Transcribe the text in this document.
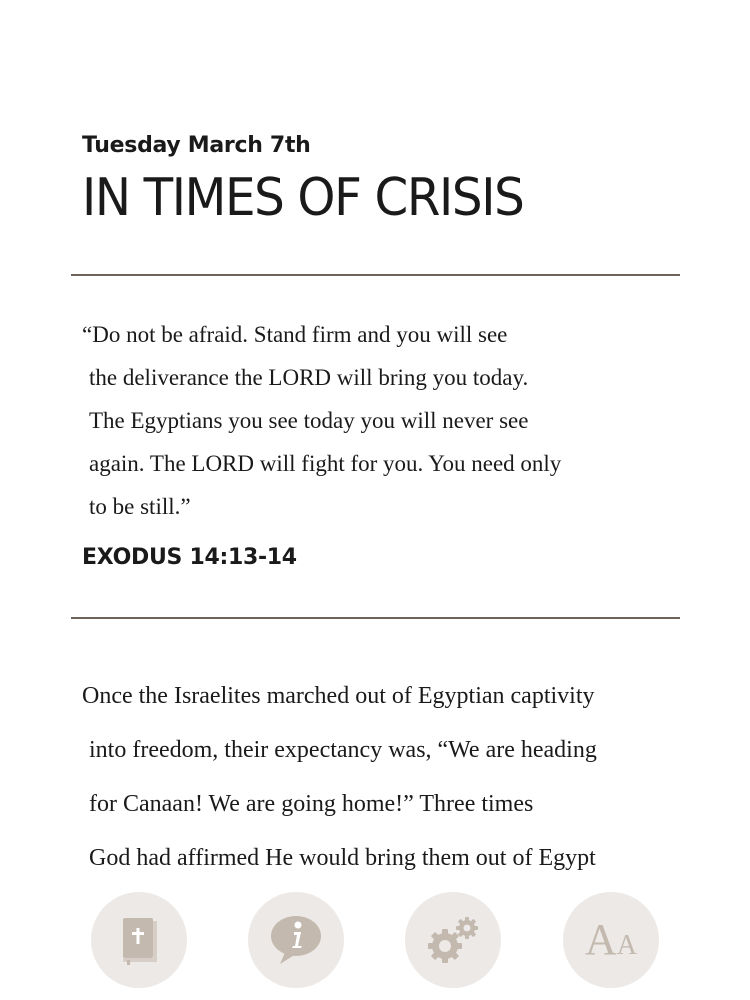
Tuesday March 7th
IN TIMES OF CRISIS
“Do not be afraid. Stand firm and you will see
the deliverance the LORD will bring you today.
The Egyptians you see today you will never see
again. The LORD will fight for you. You need only
to be still.”
EXODUS 14:13-14
Once the Israelites marched out of Egyptian captivity
into freedom, their expectancy was, “We are heading
for Canaan! We are going home!” Three times
God had affirmed He would bring them out of Egypt
A A
